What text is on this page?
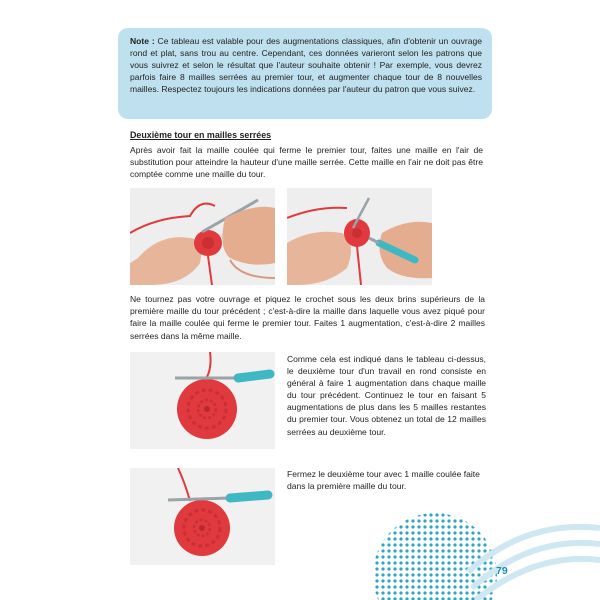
Note : Ce tableau est valable pour des augmentations classiques, afin d'obtenir un ouvrage rond et plat, sans trou au centre. Cependant, ces données varieront selon les patrons que vous suivrez et selon le résultat que l'auteur souhaite obtenir ! Par exemple, vous devrez parfois faire 8 mailles serrées au premier tour, et augmenter chaque tour de 8 nouvelles mailles. Respectez toujours les indications données par l'auteur du patron que vous suivez.
Deuxième tour en mailles serrées
Après avoir fait la maille coulée qui ferme le premier tour, faites une maille en l'air de substitution pour atteindre la hauteur d'une maille serrée. Cette maille en l'air ne doit pas être comptée comme une maille du tour.
Ne tournez pas votre ouvrage et piquez le crochet sous les deux brins supérieurs de la première maille du tour précédent ; c'est-à-dire la maille dans laquelle vous avez piqué pour faire la maille coulée qui ferme le premier tour. Faites 1 augmentation, c'est-à-dire 2 mailles serrées dans la même maille.
Comme cela est indiqué dans le tableau ci-dessus, le deuxième tour d'un travail en rond consiste en général à faire 1 augmentation dans chaque maille du tour précédent. Continuez le tour en faisant 5 augmentations de plus dans les 5 mailles restantes du premier tour. Vous obtenez un total de 12 mailles serrées au deuxième tour.
Fermez le deuxième tour avec 1 maille coulée faite dans la première maille du tour.
79
